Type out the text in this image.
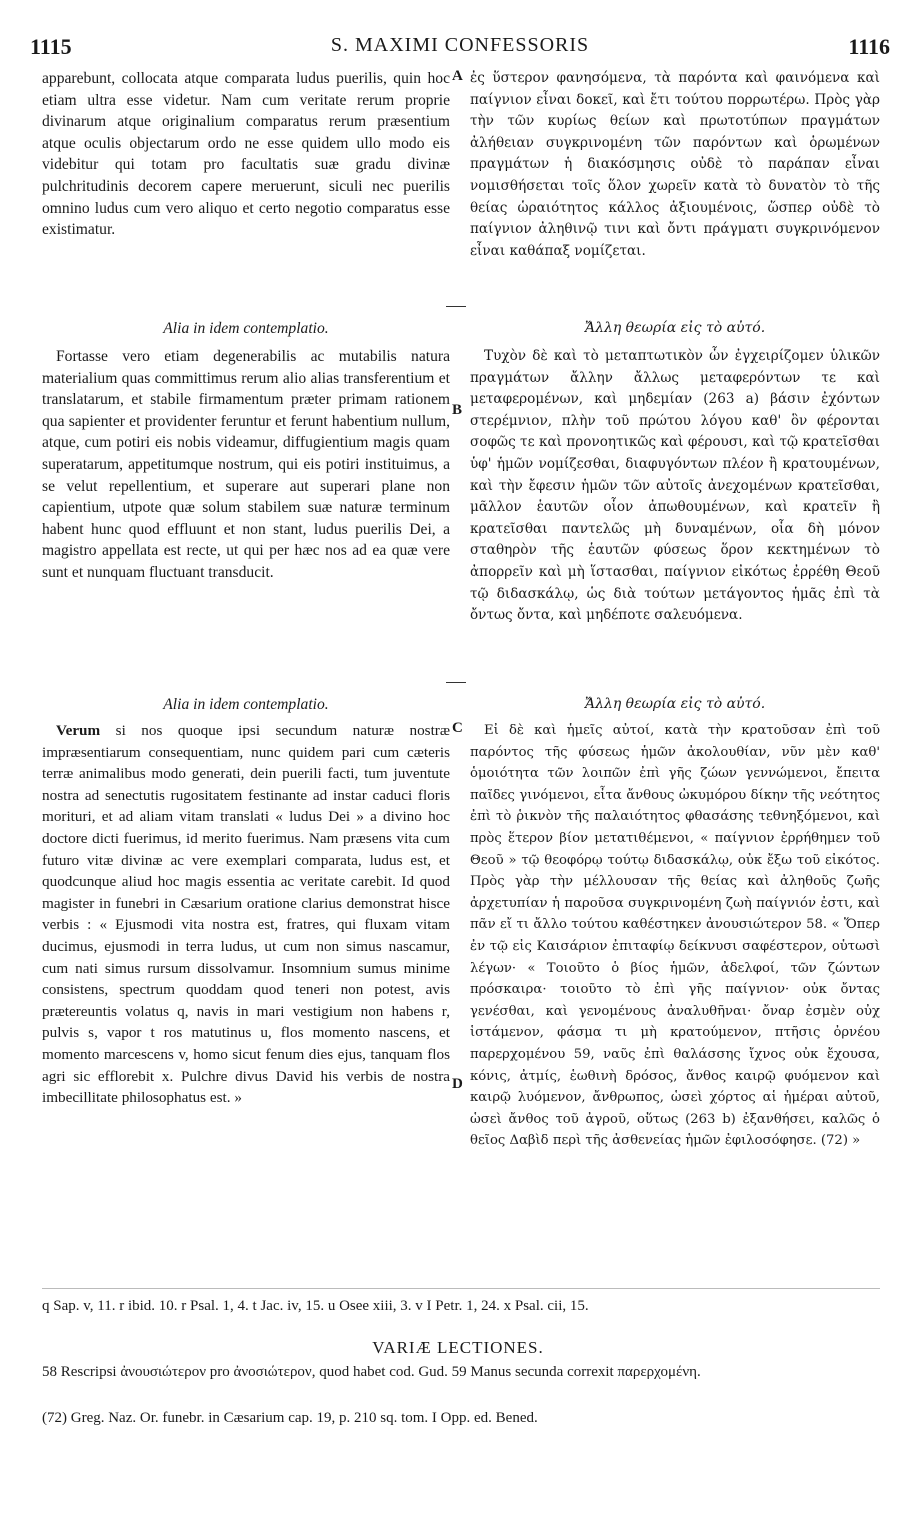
1115	S. MAXIMI CONFESSORIS	1116

apparebunt, collocata atque comparata ludus puerilis, quin hoc etiam ultra esse videtur. Nam cum veritate rerum proprie divinarum atque originalium comparatus rerum præsentium atque oculis objectarum ordo ne esse quidem ullo modo eis videbitur qui totam pro facultatis suæ gradu divinæ pulchritudinis decorem capere meruerunt, siculi nec puerilis omnino ludus cum vero aliquo et certo negotio comparatus esse existimatur.

A ἐς ὕστερον φανησόμενα, τὰ παρόντα καὶ φαινόμενα καὶ παίγνιον εἶναι δοκεῖ, καὶ ἔτι τούτου πορρωτέρω. Πρὸς γὰρ τὴν τῶν κυρίως θείων καὶ πρωτοτύπων πραγμάτων ἀλήθειαν συγκρινομένη τῶν παρόντων καὶ ὁρωμένων πραγμάτων ἡ διακόσμησις οὐδὲ τὸ παράπαν εἶναι νομισθήσεται τοῖς ὅλον χωρεῖν κατὰ τὸ δυνατὸν τὸ τῆς θείας ὡραιότητος κάλλος ἀξιουμένοις, ὥσπερ οὐδὲ τὸ παίγνιον ἀληθινῷ τινι καὶ ὄντι πράγματι συγκρινόμενον εἶναι καθάπαξ νομίζεται.

Alia in idem contemplatio.	Ἄλλη θεωρία εἰς τὸ αὐτό.

Fortasse vero etiam degenerabilis ac mutabilis natura materialium quas committimus rerum alio alias transferentium et translatarum, et stabile firmamentum præter primam rationem qua sapienter et providenter feruntur et ferunt habentium nullum, atque, cum potiri eis nobis videamur, diffugientium magis quam superatarum, appetitumque nostrum, qui eis potiri instituimus, a se velut repellentium, et superare aut superari plane non capientium, utpote quæ solum stabilem suæ naturæ terminum habent hunc quod effluunt et non stant, ludus puerilis Dei, a magistro appellata est recte, ut qui per hæc nos ad ea quæ vere sunt et nunquam fluctuant transducit.

B

Τυχὸν δὲ καὶ τὸ μεταπτωτικὸν ὧν ἐγχειρίζομεν ὑλικῶν πραγμάτων ἄλλην ἄλλως μεταφερόντων τε καὶ μεταφερομένων, καὶ μηδεμίαν (263 a) βάσιν ἐχόντων στερέμνιον, πλὴν τοῦ πρώτου λόγου καθ' ὃν φέρονται σοφῶς τε καὶ προνοητικῶς καὶ φέρουσι, καὶ τῷ κρατεῖσθαι ὑφ' ἡμῶν νομίζεσθαι, διαφυγόντων πλέον ἢ κρατουμένων, καὶ τὴν ἔφεσιν ἡμῶν τῶν αὐτοῖς ἀνεχομένων κρατεῖσθαι, μᾶλλον ἑαυτῶν οἷον ἀπωθουμένων, καὶ κρατεῖν ἢ κρατεῖσθαι παντελῶς μὴ δυναμένων, οἷα δὴ μόνον σταθηρὸν τῆς ἑαυτῶν φύσεως ὅρον κεκτημένων τὸ ἀπορρεῖν καὶ μὴ ἵστασθαι, παίγνιον εἰκότως ἐρρέθη Θεοῦ τῷ διδασκάλῳ, ὡς διὰ τούτων μετάγοντος ἡμᾶς ἐπὶ τὰ ὄντως ὄντα, καὶ μηδέποτε σαλευόμενα.

Alia in idem contemplatio.	Ἄλλη θεωρία εἰς τὸ αὐτό.

Verum si nos quoque ipsi secundum naturæ nostræ impræsentiarum consequentiam, nunc quidem pari cum cæteris terræ animalibus modo generati, dein puerili facti, tum juventute nostra ad senectutis rugositatem festinante ad instar caduci floris morituri, et ad aliam vitam translati « ludus Dei » a divino hoc doctore dicti fuerimus, id merito fuerimus. Nam præsens vita cum futuro vitæ divinæ ac vere exemplari comparata, ludus est, et quodcunque aliud hoc magis essentia ac veritate carebit. Id quod magister in funebri in Cæsarium oratione clarius demonstrat hisce verbis : « Ejusmodi vita nostra est, fratres, qui fluxam vitam ducimus, ejusmodi in terra ludus, ut cum non simus nascamur, cum nati simus rursum dissolvamur. Insomnium sumus minime consistens, spectrum quoddam quod teneri non potest, avis prætereuntis volatus q, navis in mari vestigium non habens r, pulvis s, vapor t ros matutinus u, flos momento nascens, et momento marcescens v, homo sicut fenum dies ejus, tanquam flos agri sic efflorebit x. Pulchre divus David his verbis de nostra imbecillitate philosophatus est. »

C
D

Εἰ δὲ καὶ ἡμεῖς αὐτοί, κατὰ τὴν κρατοῦσαν ἐπὶ τοῦ παρόντος τῆς φύσεως ἡμῶν ἀκολουθίαν, νῦν μὲν καθ' ὁμοιότητα τῶν λοιπῶν ἐπὶ γῆς ζώων γεννώμενοι, ἔπειτα παῖδες γινόμενοι, εἶτα ἄνθους ὠκυμόρου δίκην τῆς νεότητος ἐπὶ τὸ ῥικνὸν τῆς παλαιότητος φθασάσης τεθνηξόμενοι, καὶ πρὸς ἕτερον βίον μετατιθέμενοι, « παίγνιον ἐρρήθημεν τοῦ Θεοῦ » τῷ θεοφόρῳ τούτῳ διδασκάλῳ, οὐκ ἔξω τοῦ εἰκότος. Πρὸς γὰρ τὴν μέλλουσαν τῆς θείας καὶ ἀληθοῦς ζωῆς ἀρχετυπίαν ἡ παροῦσα συγκρινομένη ζωὴ παίγνιόν ἐστι, καὶ πᾶν εἴ τι ἄλλο τούτου καθέστηκεν ἀνουσιώτερον 58. « Ὅπερ ἐν τῷ εἰς Καισάριον ἐπιταφίῳ δείκνυσι σαφέστερον, οὑτωσὶ λέγων· « Τοιοῦτο ὁ βίος ἡμῶν, ἀδελφοί, τῶν ζώντων πρόσκαιρα· τοιοῦτο τὸ ἐπὶ γῆς παίγνιον· οὐκ ὄντας γενέσθαι, καὶ γενομένους ἀναλυθῆναι· ὄναρ ἐσμὲν οὐχ ἱστάμενον, φάσμα τι μὴ κρατούμενον, πτῆσις ὀρνέου παρερχομένου 59, ναῦς ἐπὶ θαλάσσης ἴχνος οὐκ ἔχουσα, κόνις, ἀτμίς, ἑωθινὴ δρόσος, ἄνθος καιρῷ φυόμενον καὶ καιρῷ λυόμενον, ἄνθρωπος, ὡσεὶ χόρτος αἱ ἡμέραι αὐτοῦ, ὡσεὶ ἄνθος τοῦ ἀγροῦ, οὕτως (263 b) ἐξανθήσει, καλῶς ὁ θεῖος Δαβὶδ περὶ τῆς ἀσθενείας ἡμῶν ἐφιλοσόφησε. (72) »

q Sap. v, 11. r ibid. 10. r Psal. 1, 4. t Jac. iv, 15. u Osee xiii, 3. v I Petr. 1, 24. x Psal. cii, 15.
VARIÆ LECTIONES.
58 Rescripsi ἀνουσιώτερον pro ἀνοσιώτερον, quod habet cod. Gud. 59 Manus secunda correxit παρερχομένη.
(72) Greg. Naz. Or. funebr. in Cæsarium cap. 19, p. 210 sq. tom. I Opp. ed. Bened.
